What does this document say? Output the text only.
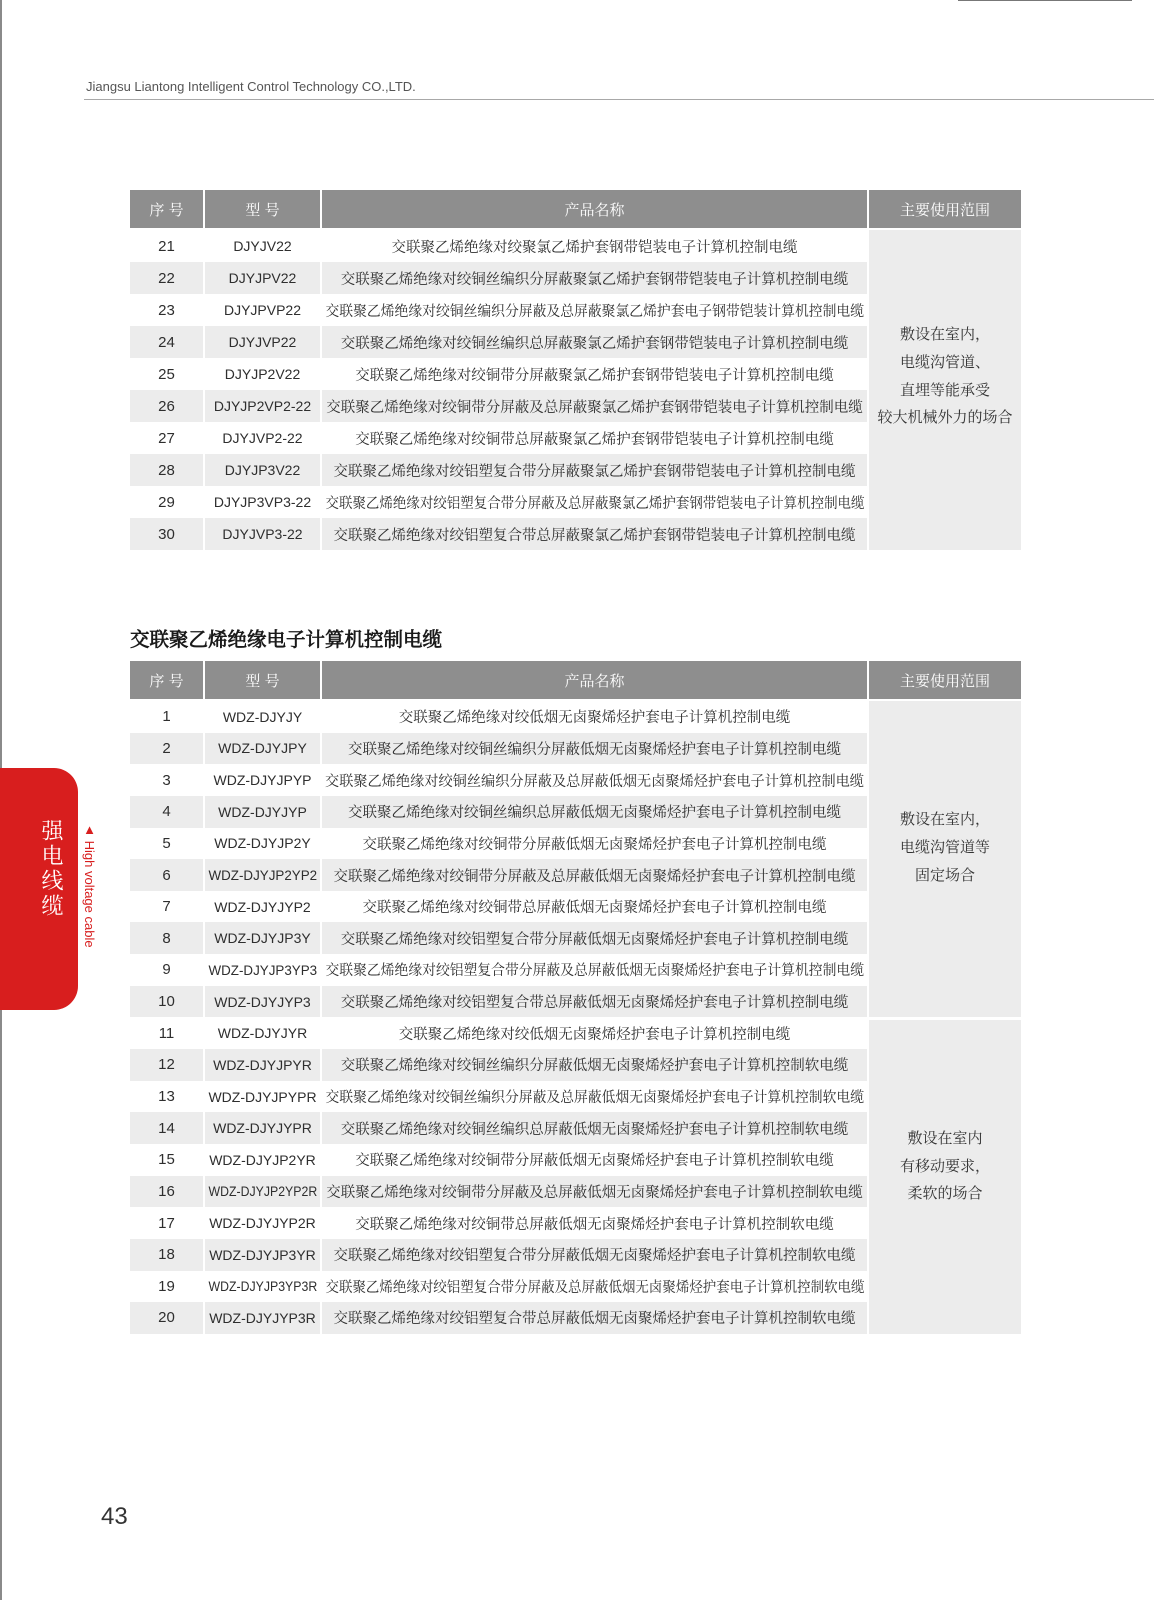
Jiangsu Liantong Intelligent Control Technology CO.,LTD.
序 号	型 号	产品名称	主要使用范围
敷设在室内，
电缆沟管道、
直埋等能承受
较大机械外力的场合
21	DJYJV22	交联聚乙烯绝缘对绞聚氯乙烯护套钢带铠装电子计算机控制电缆
22	DJYJPV22	交联聚乙烯绝缘对绞铜丝编织分屏蔽聚氯乙烯护套钢带铠装电子计算机控制电缆
23	DJYJPVP22 交联聚乙烯绝缘对绞铜丝编织分屏蔽及总屏蔽聚氯乙烯护套电子钢带铠装计算机控制电缆
24	DJYJVP22	交联聚乙烯绝缘对绞铜丝编织总屏蔽聚氯乙烯护套钢带铠装电子计算机控制电缆
25	DJYJP2V22	交联聚乙烯绝缘对绞铜带分屏蔽聚氯乙烯护套钢带铠装电子计算机控制电缆
26	DJYJP2VP2-22 交联聚乙烯绝缘对绞铜带分屏蔽及总屏蔽聚氯乙烯护套钢带铠装电子计算机控制电缆
27	DJYJVP2-22	交联聚乙烯绝缘对绞铜带总屏蔽聚氯乙烯护套钢带铠装电子计算机控制电缆
28	DJYJP3V22 交联聚乙烯绝缘对绞铝塑复合带分屏蔽聚氯乙烯护套钢带铠装电子计算机控制电缆
29	DJYJP3VP3-22 交联聚乙烯绝缘对绞铝塑复合带分屏蔽及总屏蔽聚氯乙烯护套钢带铠装电子计算机控制电缆
30	DJYJVP3-22 交联聚乙烯绝缘对绞铝塑复合带总屏蔽聚氯乙烯护套钢带铠装电子计算机控制电缆
交联聚乙烯绝缘电子计算机控制电缆
序 号	型 号	产品名称	主要使用范围
敷设在室内，
电缆沟管道等
固定场合
敷设在室内
有移动要求，
柔软的场合
1	WDZ-DJYJY	交联聚乙烯绝缘对绞低烟无卤聚烯烃护套电子计算机控制电缆
2	WDZ-DJYJPY	交联聚乙烯绝缘对绞铜丝编织分屏蔽低烟无卤聚烯烃护套电子计算机控制电缆
3	WDZ-DJYJPYP 交联聚乙烯绝缘对绞铜丝编织分屏蔽及总屏蔽低烟无卤聚烯烃护套电子计算机控制电缆
4	WDZ-DJYJYP	交联聚乙烯绝缘对绞铜丝编织总屏蔽低烟无卤聚烯烃护套电子计算机控制电缆
5	WDZ-DJYJP2Y	交联聚乙烯绝缘对绞铜带分屏蔽低烟无卤聚烯烃护套电子计算机控制电缆
6	WDZ-DJYJP2YP2 交联聚乙烯绝缘对绞铜带分屏蔽及总屏蔽低烟无卤聚烯烃护套电子计算机控制电缆
7	WDZ-DJYJYP2	交联聚乙烯绝缘对绞铜带总屏蔽低烟无卤聚烯烃护套电子计算机控制电缆
8	WDZ-DJYJP3Y 交联聚乙烯绝缘对绞铝塑复合带分屏蔽低烟无卤聚烯烃护套电子计算机控制电缆
9	WDZ-DJYJP3YP3 交联聚乙烯绝缘对绞铝塑复合带分屏蔽及总屏蔽低烟无卤聚烯烃护套电子计算机控制电缆
10	WDZ-DJYJYP3 交联聚乙烯绝缘对绞铝塑复合带总屏蔽低烟无卤聚烯烃护套电子计算机控制电缆
11	WDZ-DJYJYR	交联聚乙烯绝缘对绞低烟无卤聚烯烃护套电子计算机控制电缆
12	WDZ-DJYJPYR 交联聚乙烯绝缘对绞铜丝编织分屏蔽低烟无卤聚烯烃护套电子计算机控制软电缆
13	WDZ-DJYJPYPR 交联聚乙烯绝缘对绞铜丝编织分屏蔽及总屏蔽低烟无卤聚烯烃护套电子计算机控制软电缆
14	WDZ-DJYJYPR 交联聚乙烯绝缘对绞铜丝编织总屏蔽低烟无卤聚烯烃护套电子计算机控制软电缆
15	WDZ-DJYJP2YR	交联聚乙烯绝缘对绞铜带分屏蔽低烟无卤聚烯烃护套电子计算机控制软电缆
16	WDZ-DJYJP2YP2R 交联聚乙烯绝缘对绞铜带分屏蔽及总屏蔽低烟无卤聚烯烃护套电子计算机控制软电缆
17	WDZ-DJYJYP2R	交联聚乙烯绝缘对绞铜带总屏蔽低烟无卤聚烯烃护套电子计算机控制软电缆
18	WDZ-DJYJP3YR 交联聚乙烯绝缘对绞铝塑复合带分屏蔽低烟无卤聚烯烃护套电子计算机控制软电缆
19	WDZ-DJYJP3YP3R 交联聚乙烯绝缘对绞铝塑复合带分屏蔽及总屏蔽低烟无卤聚烯烃护套电子计算机控制软电缆
20	WDZ-DJYJYP3R 交联聚乙烯绝缘对绞铝塑复合带总屏蔽低烟无卤聚烯烃护套电子计算机控制软电缆
强电线缆 ▲ High voltage cable
43
